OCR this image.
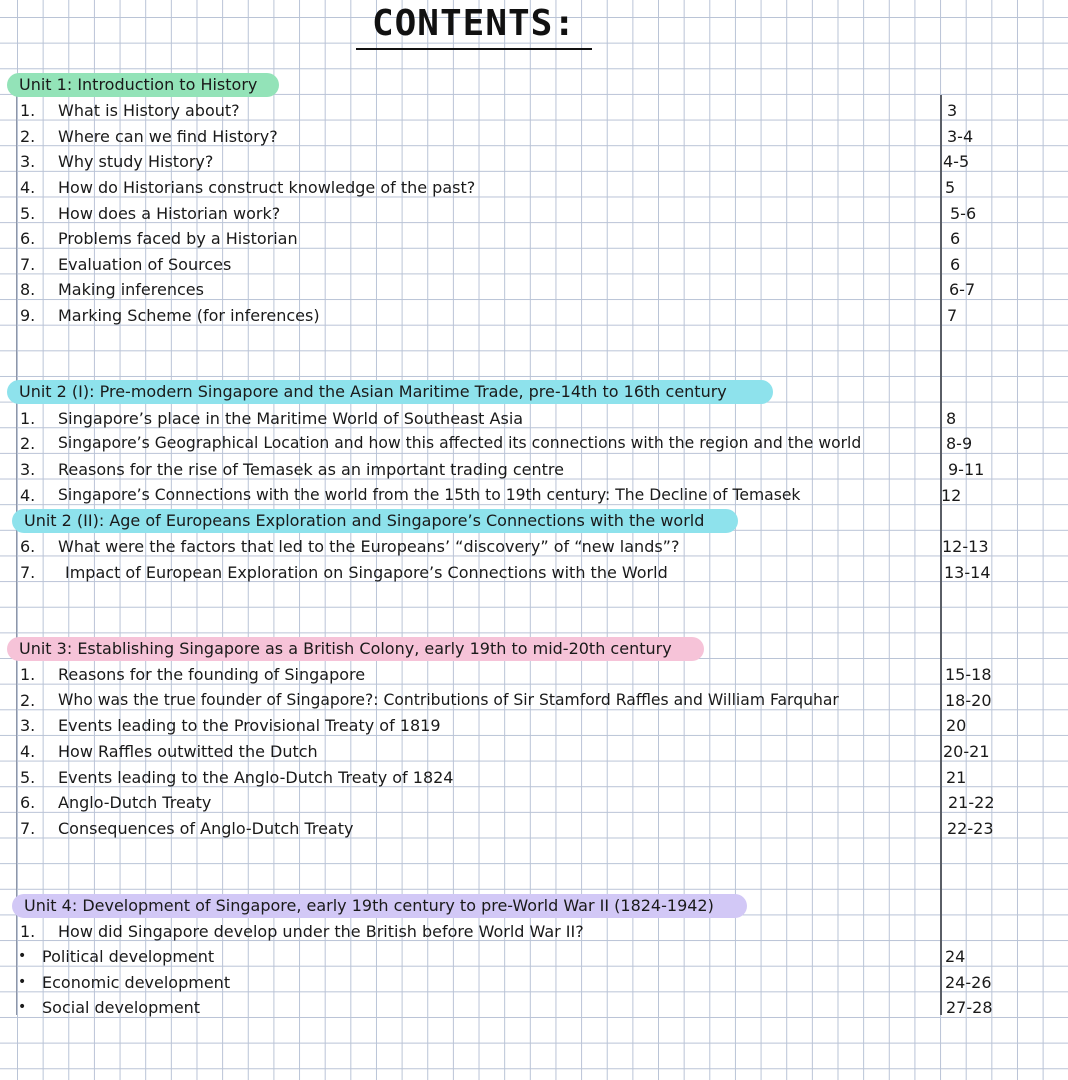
CONTENTS:
Unit 1: Introduction to History
1. What is History about?	3
2. Where can we find History?	3-4
3. Why study History?	4-5
4. How do Historians construct knowledge of the past?	5
5. How does a Historian work?	5-6
6. Problems faced by a Historian	6
7. Evaluation of Sources	6
8. Making inferences	6-7
9. Marking Scheme (for inferences)	7
Unit 2 (I): Pre-modern Singapore and the Asian Maritime Trade, pre-14th to 16th century
1. Singapore’s place in the Maritime World of Southeast Asia	8
2. Singapore’s Geographical Location and how this affected its connections with the region and the world	8-9
3. Reasons for the rise of Temasek as an important trading centre	9-11
4. Singapore’s Connections with the world from the 15th to 19th century: The Decline of Temasek	12
Unit 2 (II): Age of Europeans Exploration and Singapore’s Connections with the world
6. What were the factors that led to the Europeans’ “discovery” of “new lands”?	12-13
7. Impact of European Exploration on Singapore’s Connections with the World	13-14
Unit 3: Establishing Singapore as a British Colony, early 19th to mid-20th century
1. Reasons for the founding of Singapore	15-18
2. Who was the true founder of Singapore?: Contributions of Sir Stamford Raffles and William Farquhar	18-20
3. Events leading to the Provisional Treaty of 1819	20
4. How Raffles outwitted the Dutch	20-21
5. Events leading to the Anglo-Dutch Treaty of 1824	21
6. Anglo-Dutch Treaty	21-22
7. Consequences of Anglo-Dutch Treaty	22-23
Unit 4: Development of Singapore, early 19th century to pre-World War II (1824-1942)
1. How did Singapore develop under the British before World War II?
• Political development	24
• Economic development	24-26
• Social development	27-28
